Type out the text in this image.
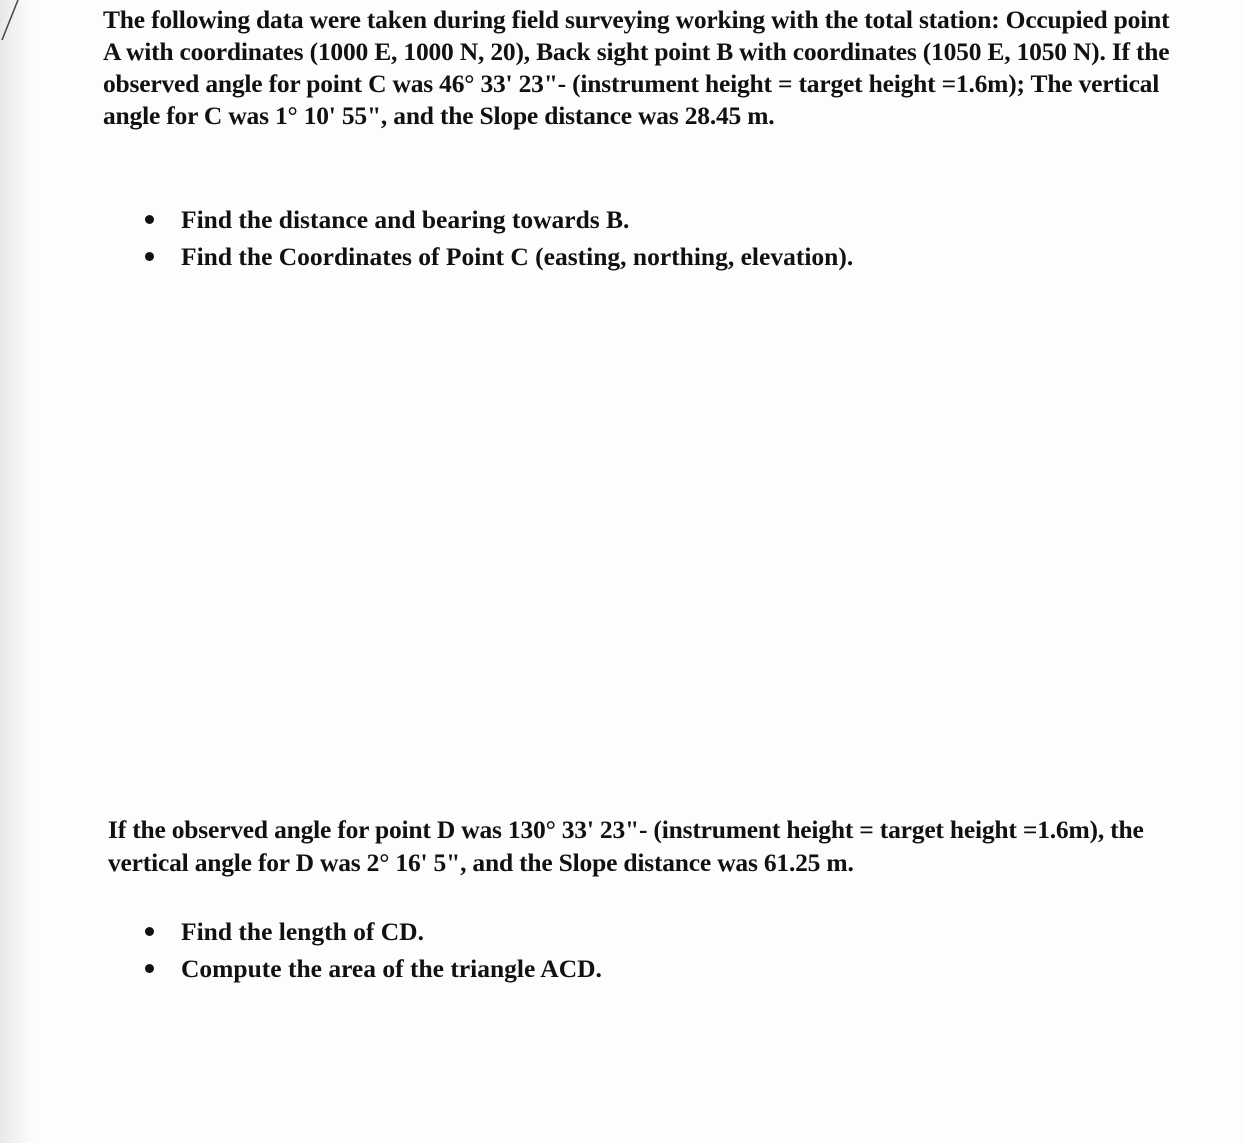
The following data were taken during field surveying working with the total station: Occupied point A with coordinates (1000 E, 1000 N, 20), Back sight point B with coordinates (1050 E, 1050 N). If the observed angle for point C was 46° 33' 23"- (instrument height = target height =1.6m); The vertical angle for C was 1° 10' 55", and the Slope distance was 28.45 m.

Find the distance and bearing towards B.
Find the Coordinates of Point C (easting, northing, elevation).

If the observed angle for point D was 130° 33' 23"- (instrument height = target height =1.6m), the vertical angle for D was 2° 16' 5", and the Slope distance was 61.25 m.

Find the length of CD.
Compute the area of the triangle ACD.
